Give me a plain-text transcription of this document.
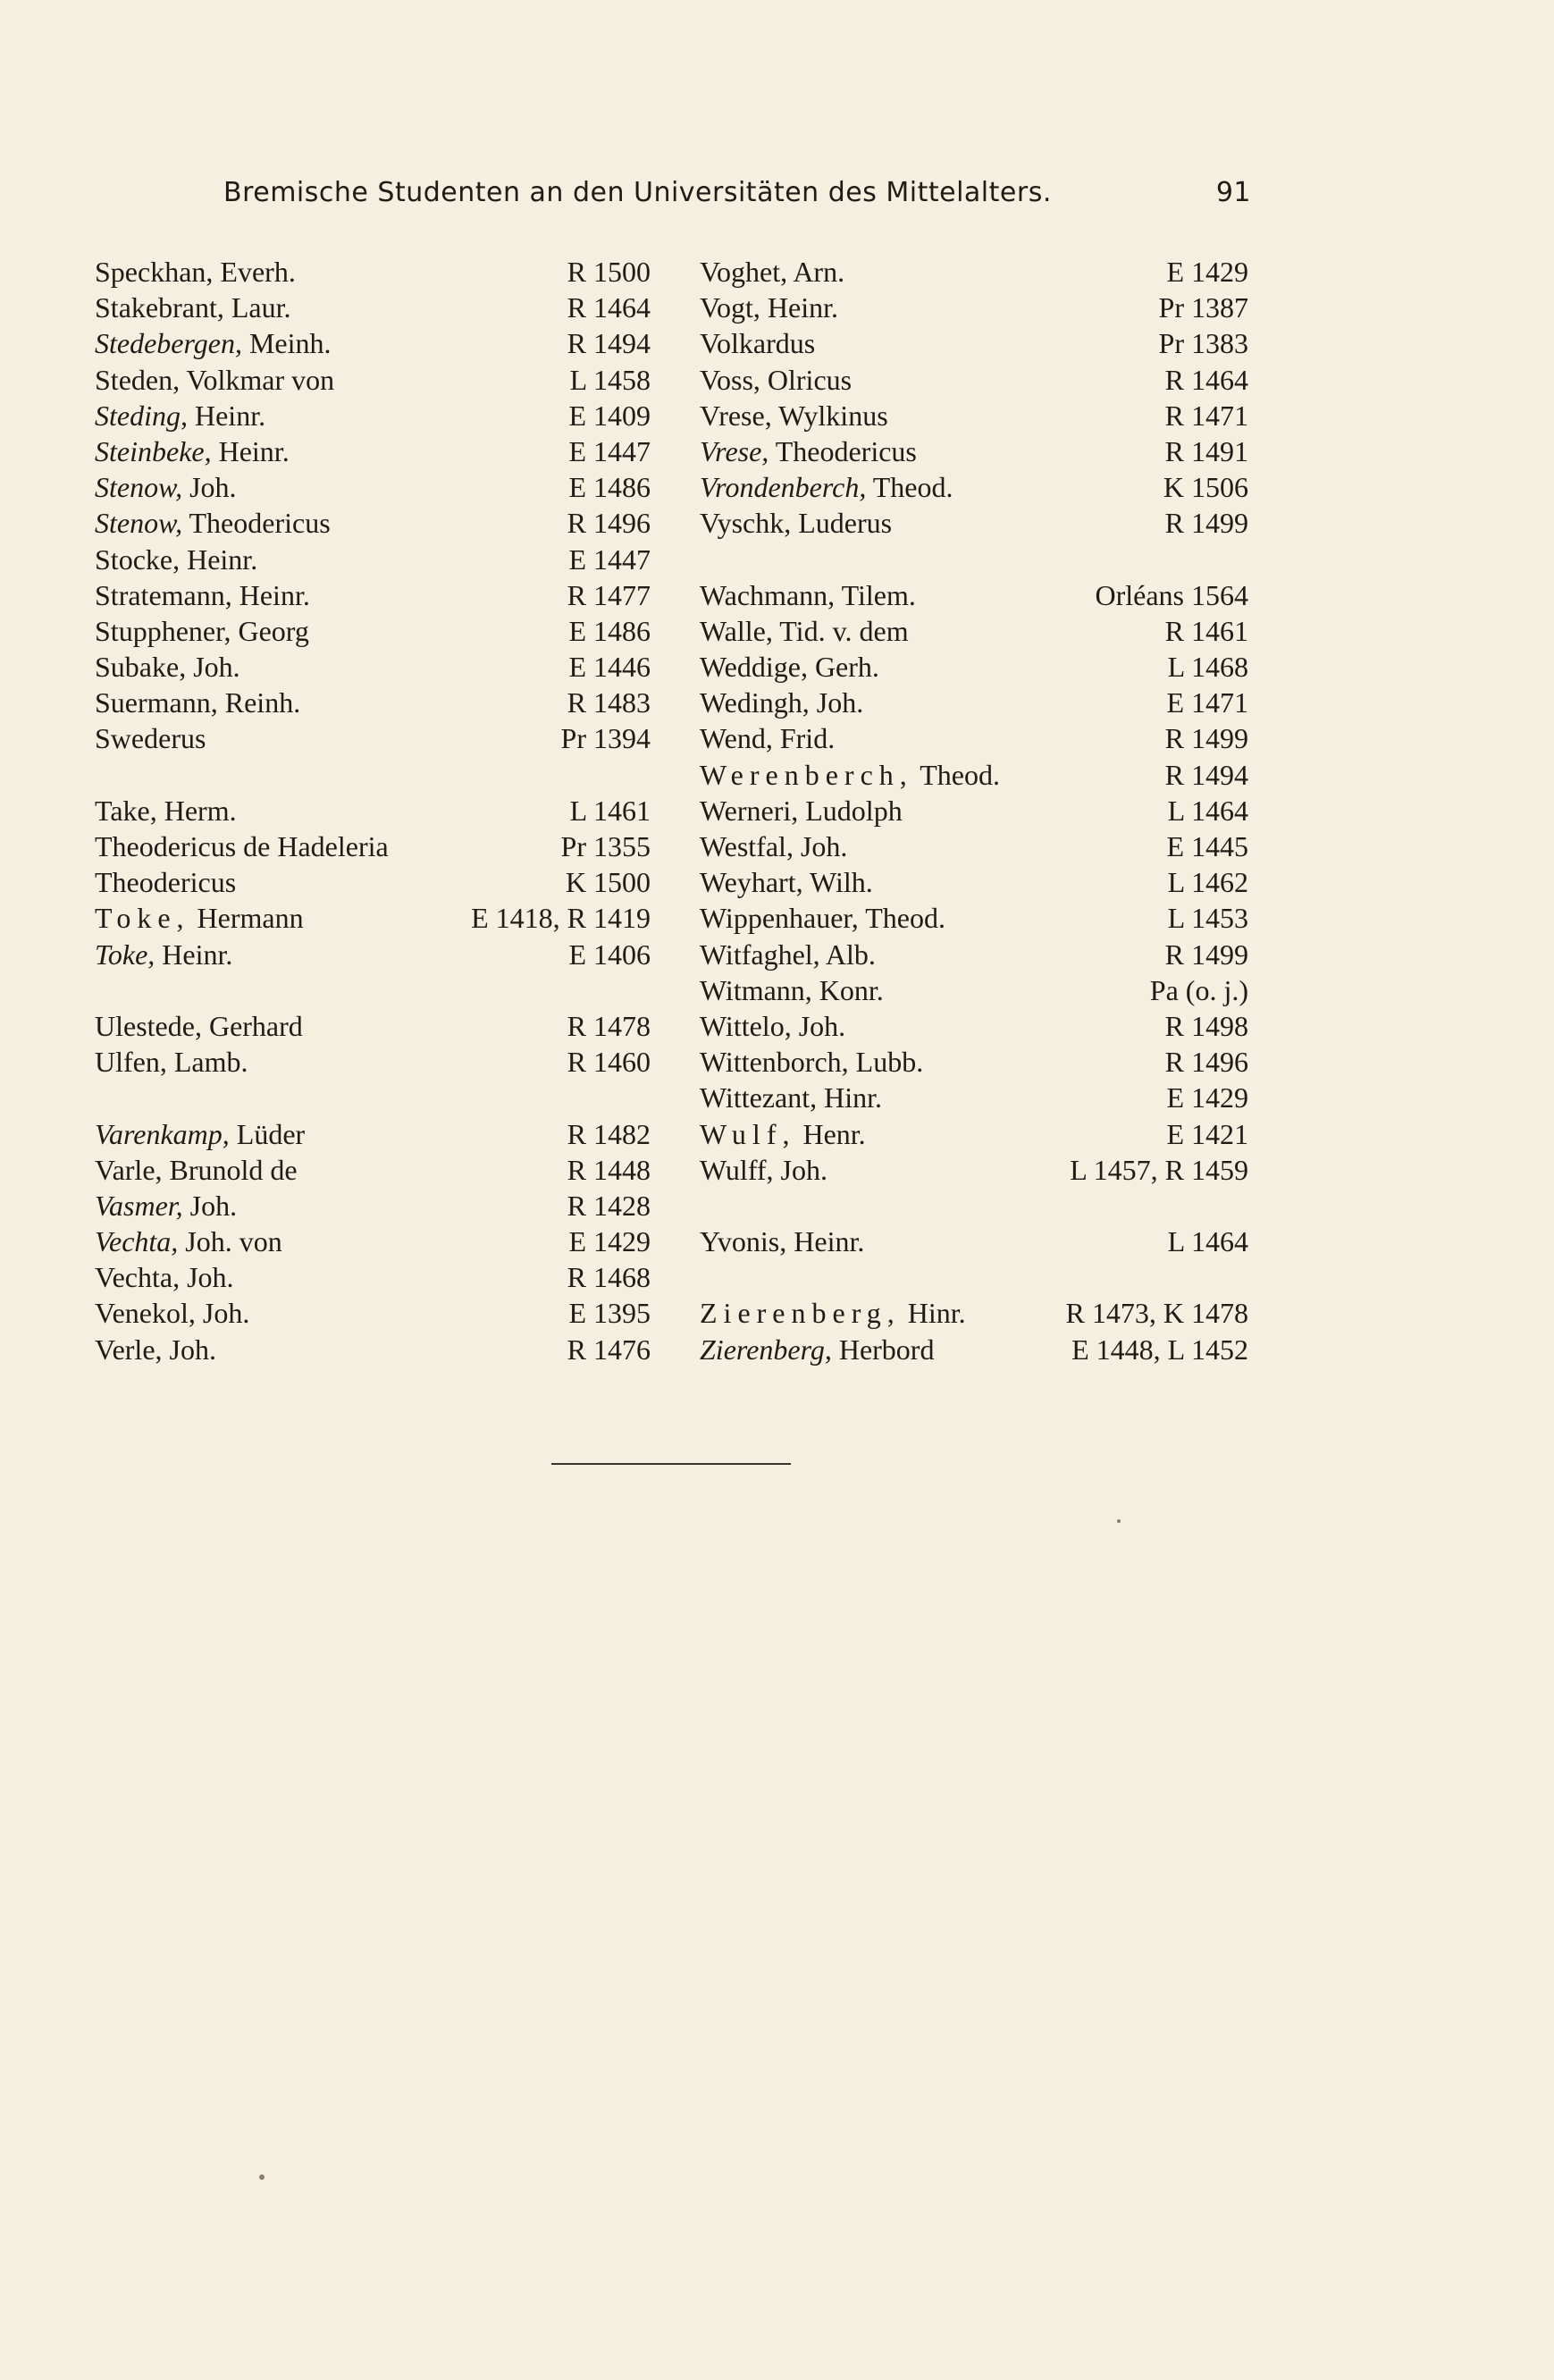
Bremische Studenten an den Universitäten des Mittelalters.	91
Speckhan, Everh.	R 1500
Stakebrant, Laur.	R 1464
Stedebergen, Meinh.	R 1494
Steden, Volkmar von	L 1458
Steding, Heinr.	E 1409
Steinbeke, Heinr.	E 1447
Stenow, Joh.	E 1486
Stenow, Theodericus	R 1496
Stocke, Heinr.	E 1447
Stratemann, Heinr.	R 1477
Stupphener, Georg	E 1486
Subake, Joh.	E 1446
Suermann, Reinh.	R 1483
Swederus	Pr 1394
Take, Herm.	L 1461
Theodericus de Hadeleria	Pr 1355
Theodericus	K 1500
Toke, Hermann	E 1418, R 1419
Toke, Heinr.	E 1406
Ulestede, Gerhard	R 1478
Ulfen, Lamb.	R 1460
Varenkamp, Lüder	R 1482
Varle, Brunold de	R 1448
Vasmer, Joh.	R 1428
Vechta, Joh. von	E 1429
Vechta, Joh.	R 1468
Venekol, Joh.	E 1395
Verle, Joh.	R 1476
Voghet, Arn.	E 1429
Vogt, Heinr.	Pr 1387
Volkardus	Pr 1383
Voss, Olricus	R 1464
Vrese, Wylkinus	R 1471
Vrese, Theodericus	R 1491
Vrondenberch, Theod.	K 1506
Vyschk, Luderus	R 1499
Wachmann, Tilem.	Orléans 1564
Walle, Tid. v. dem	R 1461
Weddige, Gerh.	L 1468
Wedingh, Joh.	E 1471
Wend, Frid.	R 1499
Werenberch, Theod.	R 1494
Werneri, Ludolph	L 1464
Westfal, Joh.	E 1445
Weyhart, Wilh.	L 1462
Wippenhauer, Theod.	L 1453
Witfaghel, Alb.	R 1499
Witmann, Konr.	Pa (o. j.)
Wittelo, Joh.	R 1498
Wittenborch, Lubb.	R 1496
Wittezant, Hinr.	E 1429
Wulf, Henr.	E 1421
Wulff, Joh.	L 1457, R 1459
Yvonis, Heinr.	L 1464
Zierenberg, Hinr.	R 1473, K 1478
Zierenberg, Herbord	E 1448, L 1452
